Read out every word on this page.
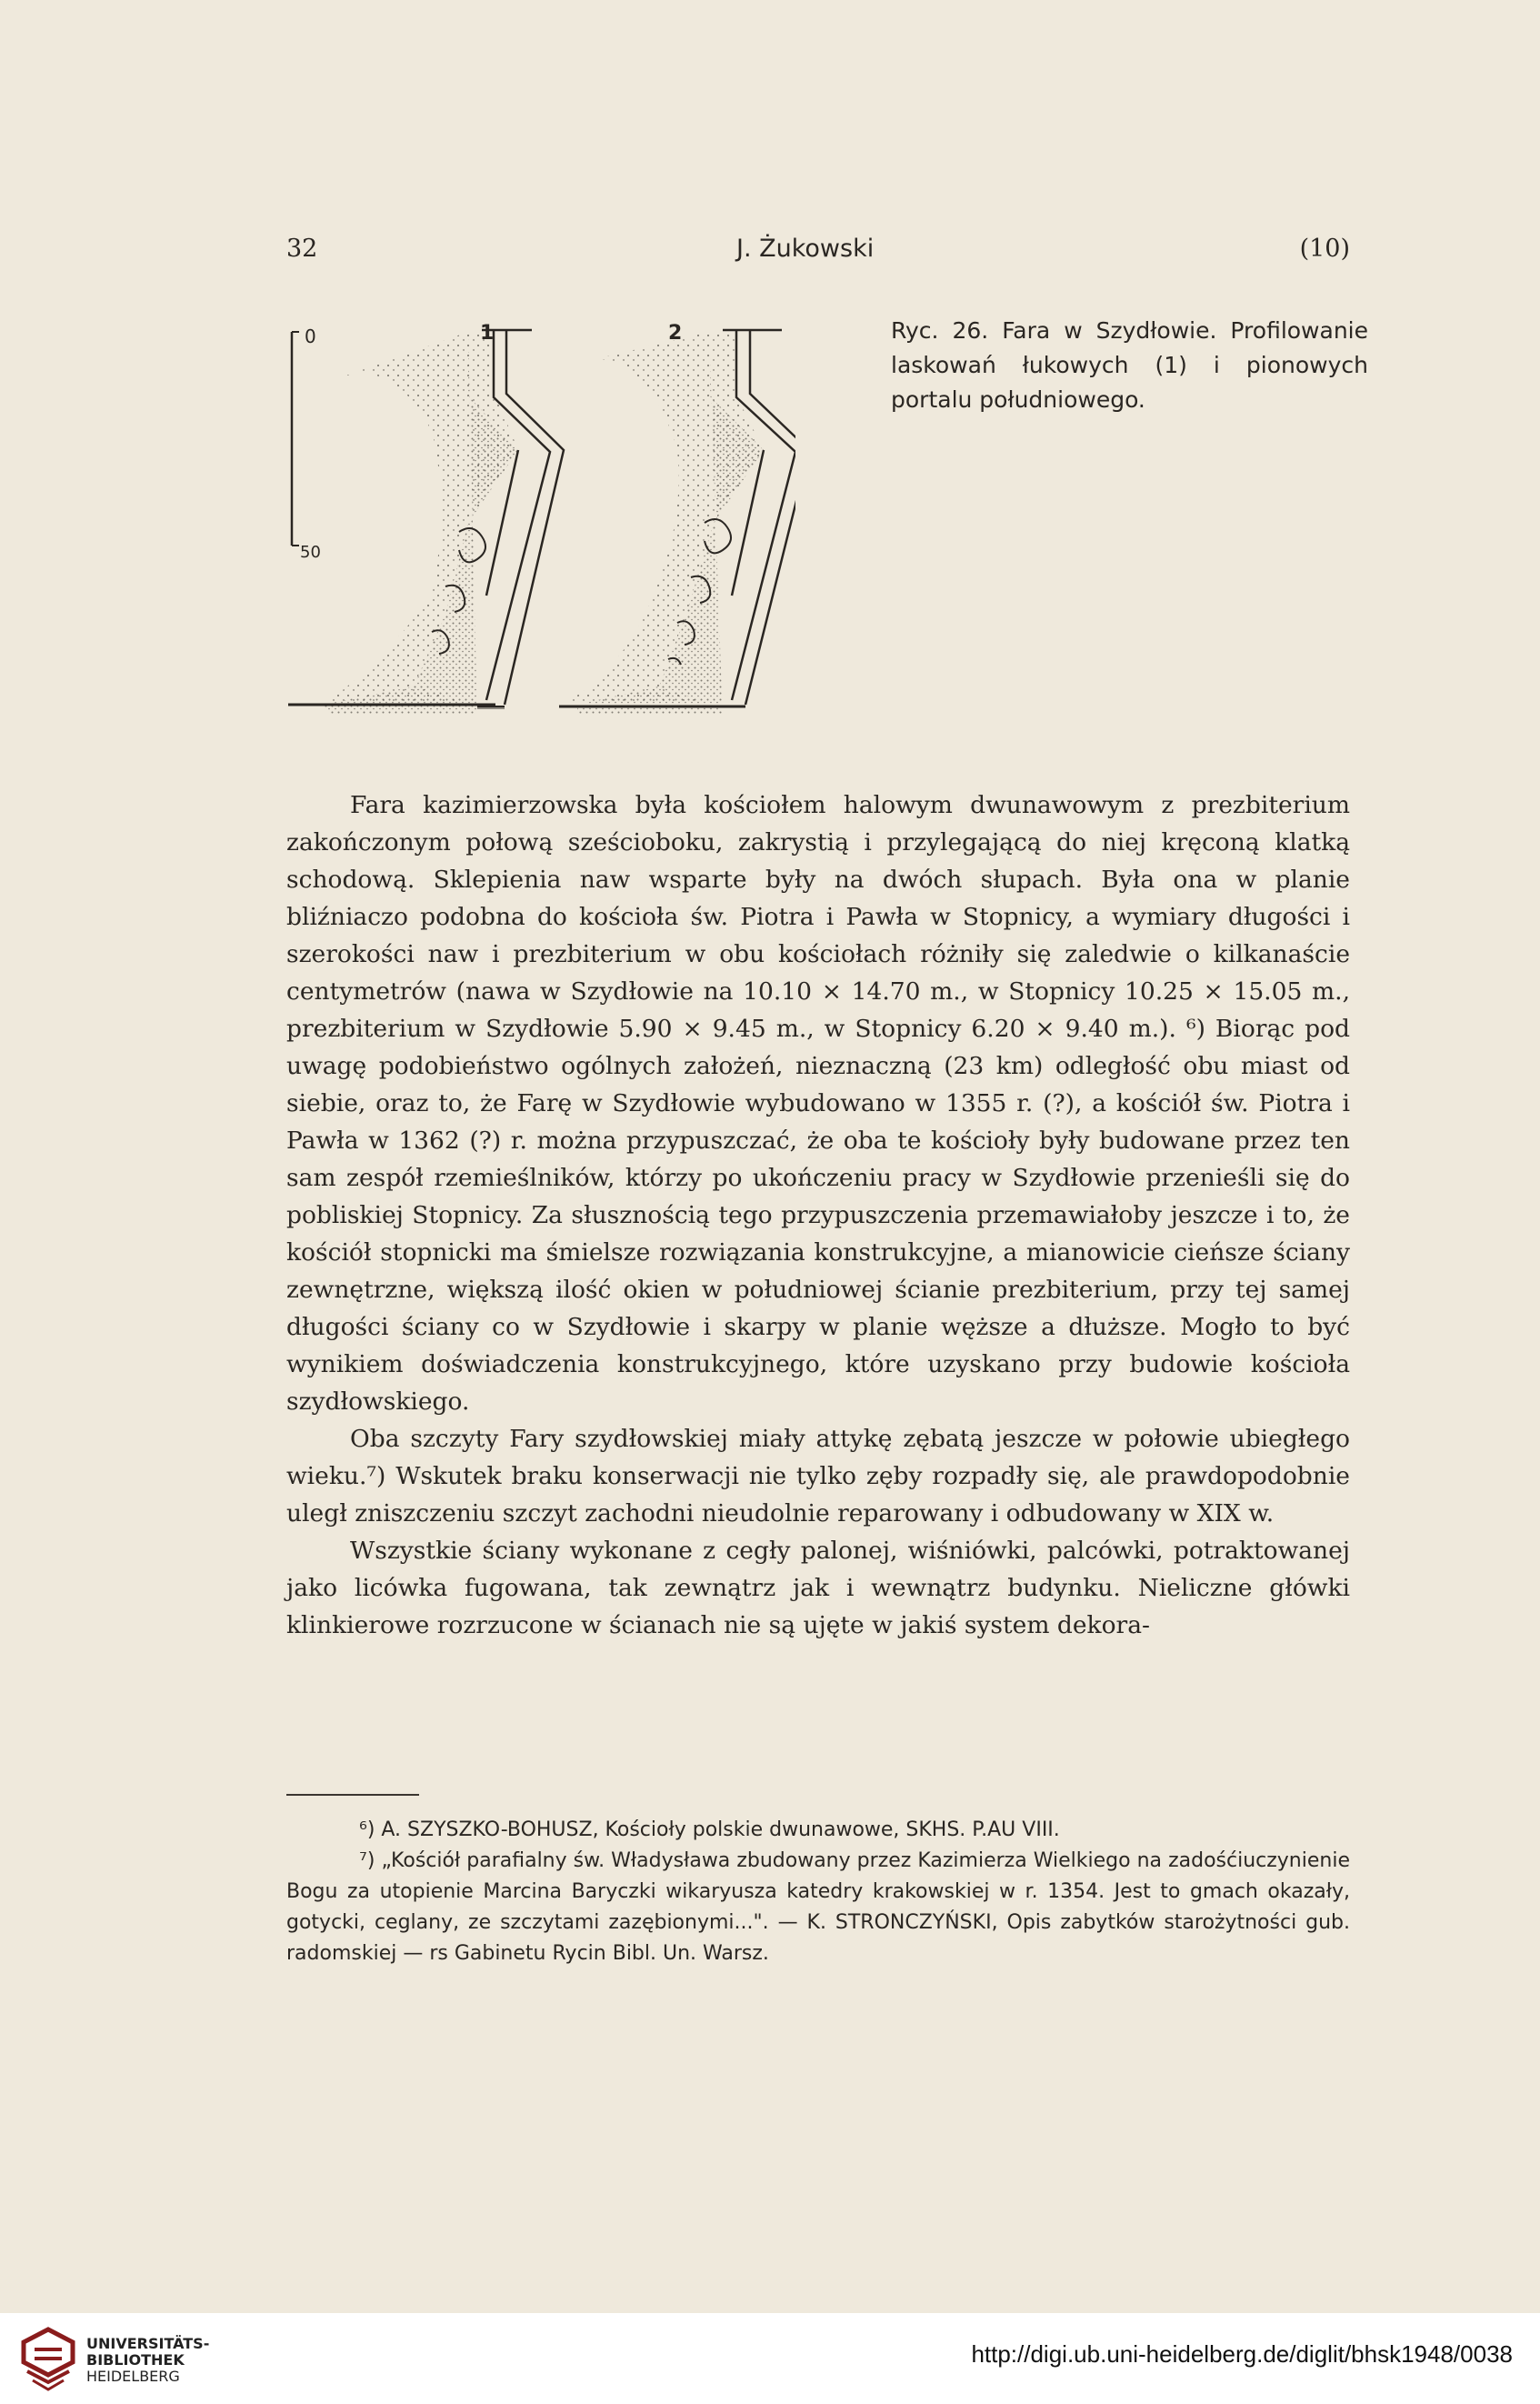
32	J. Żukowski	(10)
0
50
1	2	Ryc. 26. Fara w Szydłowie. Profilowanie laskowań łukowych (1) i pionowych portalu południowego.

Fara kazimierzowska była kościołem halowym dwunawowym z prezbiterium zakończonym połową sześcioboku, zakrystią i przylegającą do niej kręconą klatką schodową. Sklepienia naw wsparte były na dwóch słupach. Była ona w planie bliźniaczo podobna do kościoła św. Piotra i Pawła w Stopnicy, a wymiary długości i szerokości naw i prezbiterium w obu kościołach różniły się zaledwie o kilkanaście centymetrów (nawa w Szydłowie na 10.10 × 14.70 m., w Stopnicy 10.25 × 15.05 m., prezbiterium w Szydłowie 5.90 × 9.45 m., w Stopnicy 6.20 × 9.40 m.). ⁶) Biorąc pod uwagę podobieństwo ogólnych założeń, nieznaczną (23 km) odległość obu miast od siebie, oraz to, że Farę w Szydłowie wybudowano w 1355 r. (?), a kościół św. Piotra i Pawła w 1362 (?) r. można przypuszczać, że oba te kościoły były budowane przez ten sam zespół rzemieślników, którzy po ukończeniu pracy w Szydłowie przenieśli się do pobliskiej Stopnicy. Za słusznością tego przypuszczenia przemawiałoby jeszcze i to, że kościół stopnicki ma śmielsze rozwiązania konstrukcyjne, a mianowicie cieńsze ściany zewnętrzne, większą ilość okien w południowej ścianie prezbiterium, przy tej samej długości ściany co w Szydłowie i skarpy w planie węższe a dłuższe. Mogło to być wynikiem doświadczenia konstrukcyjnego, które uzyskano przy budowie kościoła szydłowskiego.

Oba szczyty Fary szydłowskiej miały attykę zębatą jeszcze w połowie ubiegłego wieku.⁷) Wskutek braku konserwacji nie tylko zęby rozpadły się, ale prawdopodobnie uległ zniszczeniu szczyt zachodni nieudolnie reparowany i odbudowany w XIX w.

Wszystkie ściany wykonane z cegły palonej, wiśniówki, palcówki, potraktowanej jako licówka fugowana, tak zewnątrz jak i wewnątrz budynku. Nieliczne główki klinkierowe rozrzucone w ścianach nie są ujęte w jakiś system dekora-

⁶) A. SZYSZKO-BOHUSZ, Kościoły polskie dwunawowe, SKHS. P.AU VIII.

⁷) „Kościół parafialny św. Władysława zbudowany przez Kazimierza Wielkiego na zadośćiuczynienie Bogu za utopienie Marcina Baryczki wikaryusza katedry krakowskiej w r. 1354. Jest to gmach okazały, gotycki, ceglany, ze szczytami zazębionymi...". — K. STRONCZYŃSKI, Opis zabytków starożytności gub. radomskiej — rs Gabinetu Rycin Bibl. Un. Warsz.

UNIVERSITÄTS-
BIBLIOTHEK
HEIDELBERG
http://digi.ub.uni-heidelberg.de/diglit/bhsk1948/0038
